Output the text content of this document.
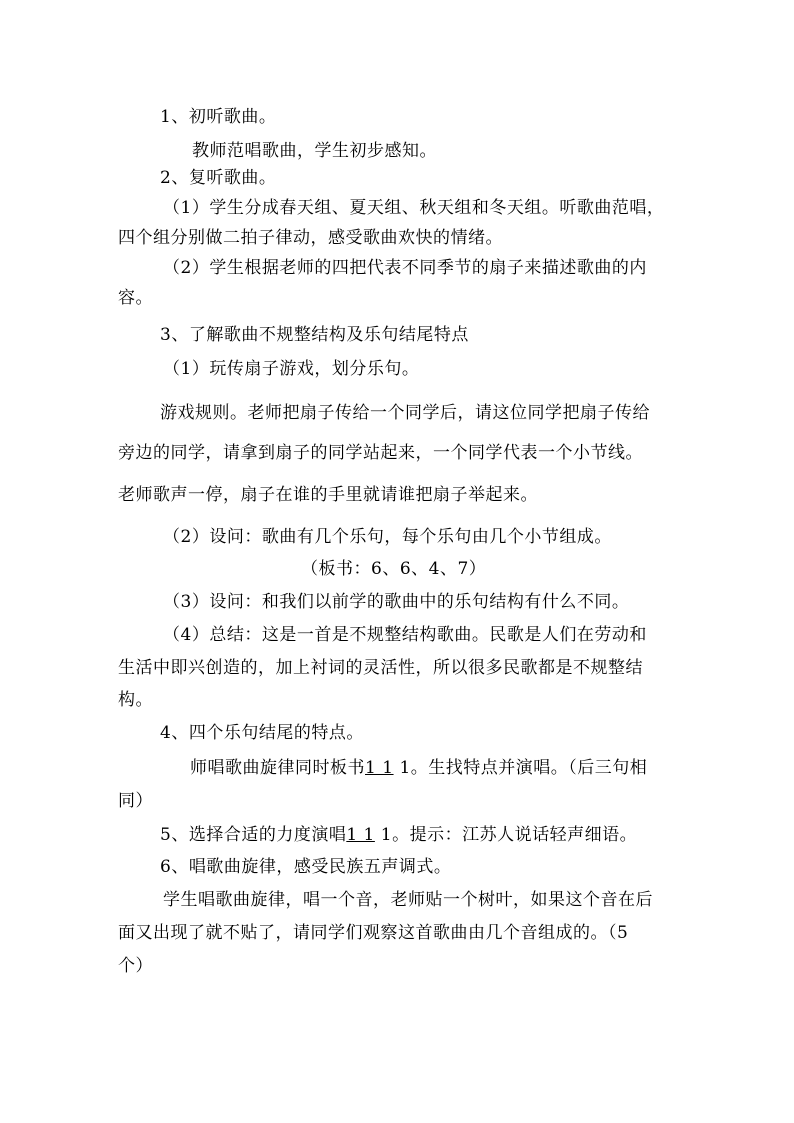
1、初听歌曲。
教师范唱歌曲，学生初步感知。
2、复听歌曲。
（1）学生分成春天组、夏天组、秋天组和冬天组。听歌曲范唱，
四个组分别做二拍子律动，感受歌曲欢快的情绪。
（2）学生根据老师的四把代表不同季节的扇子来描述歌曲的内
容。
3、了解歌曲不规整结构及乐句结尾特点
（1）玩传扇子游戏，划分乐句。
游戏规则。老师把扇子传给一个同学后，请这位同学把扇子传给
旁边的同学，请拿到扇子的同学站起来，一个同学代表一个小节线。
老师歌声一停，扇子在谁的手里就请谁把扇子举起来。
（2）设问：歌曲有几个乐句，每个乐句由几个小节组成。
（板书：6、6、4、7）
（3）设问：和我们以前学的歌曲中的乐句结构有什么不同。
（4）总结：这是一首是不规整结构歌曲。民歌是人们在劳动和
生活中即兴创造的，加上衬词的灵活性，所以很多民歌都是不规整结
构。
4、四个乐句结尾的特点。
师唱歌曲旋律同时板书1 1 1。生找特点并演唱。（后三句相
同）
5、选择合适的力度演唱1 1 1。提示：江苏人说话轻声细语。
6、唱歌曲旋律，感受民族五声调式。
学生唱歌曲旋律，唱一个音，老师贴一个树叶，如果这个音在后
面又出现了就不贴了，请同学们观察这首歌曲由几个音组成的。（5
个）
